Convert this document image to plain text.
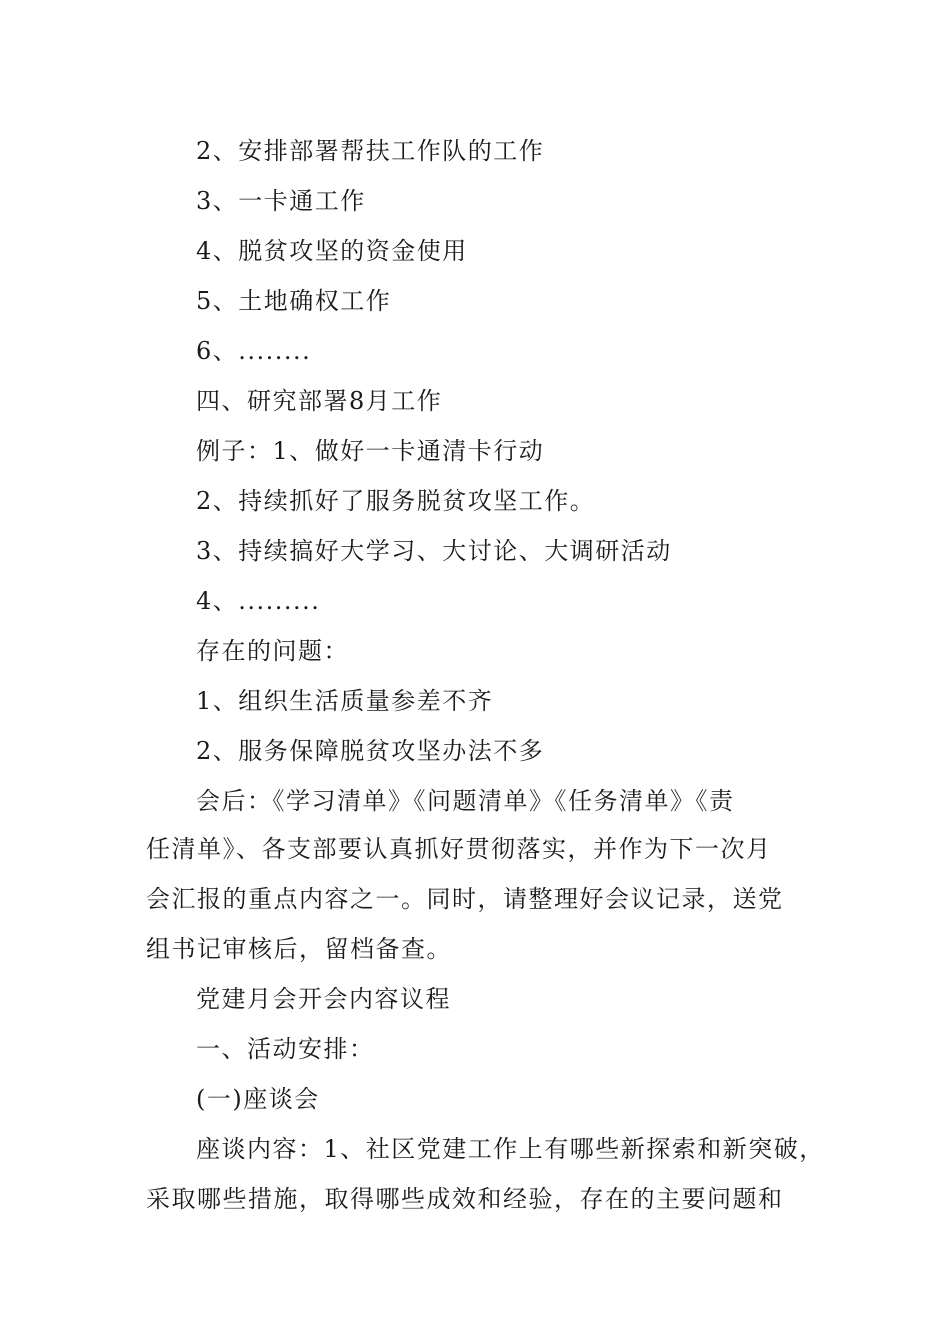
2、安排部署帮扶工作队的工作
3、一卡通工作
4、脱贫攻坚的资金使用
5、土地确权工作
6、........
四、研究部署8月工作
例子：1、做好一卡通清卡行动
2、持续抓好了服务脱贫攻坚工作。
3、持续搞好大学习、大讨论、大调研活动
4、.........
存在的问题：
1、组织生活质量参差不齐
2、服务保障脱贫攻坚办法不多
会后：《学习清单》《问题清单》《任务清单》《责
任清单》、各支部要认真抓好贯彻落实，并作为下一次月
会汇报的重点内容之一。同时，请整理好会议记录，送党
组书记审核后，留档备查。
党建月会开会内容议程
一、活动安排：
(一)座谈会
座谈内容：1、社区党建工作上有哪些新探索和新突破，
采取哪些措施，取得哪些成效和经验，存在的主要问题和
